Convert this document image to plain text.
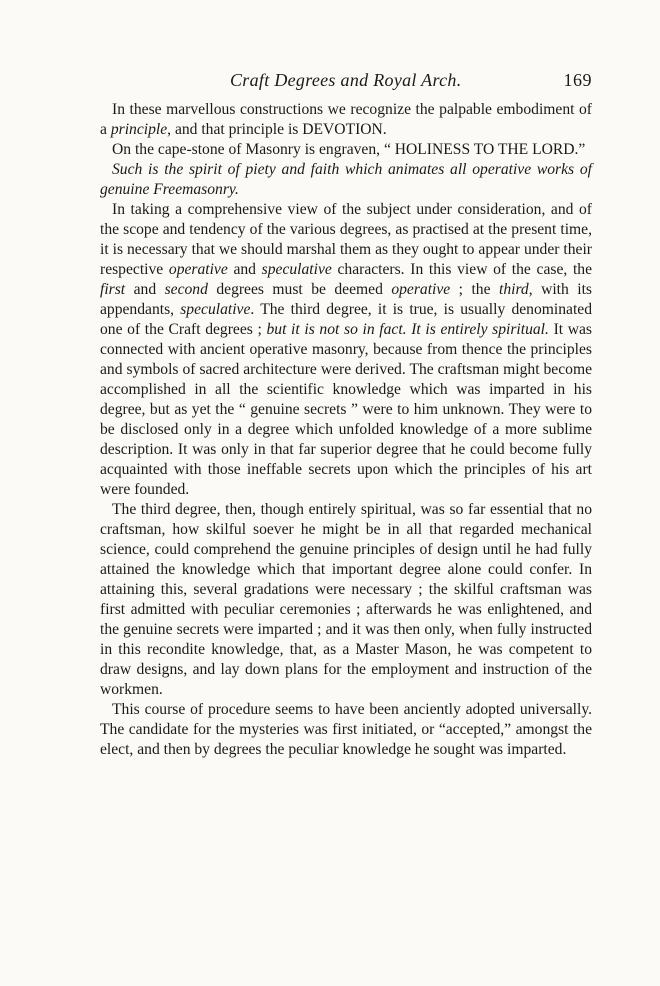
Craft Degrees and Royal Arch.	169

In these marvellous constructions we recognize the palpable embodiment of a principle, and that principle is DEVOTION.

On the cape-stone of Masonry is engraven, “ HOLINESS TO THE LORD.”

Such is the spirit of piety and faith which animates all operative works of genuine Freemasonry.

In taking a comprehensive view of the subject under consideration, and of the scope and tendency of the various degrees, as practised at the present time, it is necessary that we should marshal them as they ought to appear under their respective operative and speculative characters. In this view of the case, the first and second degrees must be deemed operative ; the third, with its appendants, speculative. The third degree, it is true, is usually denominated one of the Craft degrees ; but it is not so in fact. It is entirely spiritual. It was connected with ancient operative masonry, because from thence the principles and symbols of sacred architecture were derived. The craftsman might become accomplished in all the scientific knowledge which was imparted in his degree, but as yet the “ genuine secrets ” were to him unknown. They were to be disclosed only in a degree which unfolded knowledge of a more sublime description. It was only in that far superior degree that he could become fully acquainted with those ineffable secrets upon which the principles of his art were founded.

The third degree, then, though entirely spiritual, was so far essential that no craftsman, how skilful soever he might be in all that regarded mechanical science, could comprehend the genuine principles of design until he had fully attained the knowledge which that important degree alone could confer. In attaining this, several gradations were necessary ; the skilful craftsman was first admitted with peculiar ceremonies ; afterwards he was enlightened, and the genuine secrets were imparted ; and it was then only, when fully instructed in this recondite knowledge, that, as a Master Mason, he was competent to draw designs, and lay down plans for the employment and instruction of the workmen.

This course of procedure seems to have been anciently adopted universally. The candidate for the mysteries was first initiated, or “accepted,” amongst the elect, and then by degrees the peculiar knowledge he sought was imparted.
